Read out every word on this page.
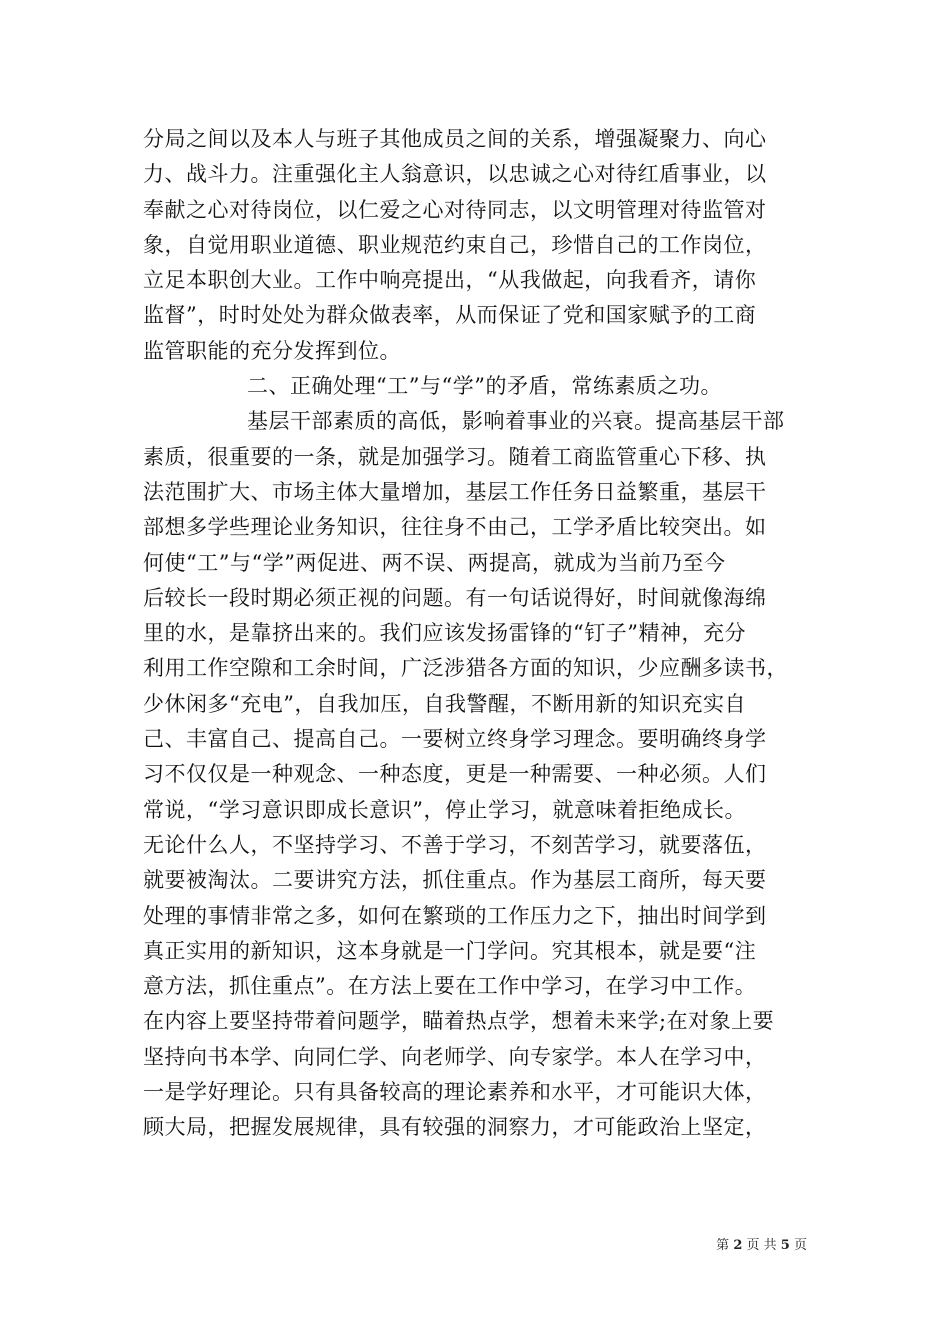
分局之间以及本人与班子其他成员之间的关系，增强凝聚力、向心
力、战斗力。注重强化主人翁意识，以忠诚之心对待红盾事业，以
奉献之心对待岗位，以仁爱之心对待同志，以文明管理对待监管对
象，自觉用职业道德、职业规范约束自己，珍惜自己的工作岗位，
立足本职创大业。工作中响亮提出，“从我做起，向我看齐，请你
监督”，时时处处为群众做表率，从而保证了党和国家赋予的工商
监管职能的充分发挥到位。
二、正确处理“工”与“学”的矛盾，常练素质之功。
基层干部素质的高低，影响着事业的兴衰。提高基层干部
素质，很重要的一条，就是加强学习。随着工商监管重心下移、执
法范围扩大、市场主体大量增加，基层工作任务日益繁重，基层干
部想多学些理论业务知识，往往身不由己，工学矛盾比较突出。如
何使“工”与“学”两促进、两不误、两提高，就成为当前乃至今
后较长一段时期必须正视的问题。有一句话说得好，时间就像海绵
里的水，是靠挤出来的。我们应该发扬雷锋的“钉子”精神，充分
利用工作空隙和工余时间，广泛涉猎各方面的知识，少应酬多读书，
少休闲多“充电”，自我加压，自我警醒，不断用新的知识充实自
己、丰富自己、提高自己。一要树立终身学习理念。要明确终身学
习不仅仅是一种观念、一种态度，更是一种需要、一种必须。人们
常说，“学习意识即成长意识”，停止学习，就意味着拒绝成长。
无论什么人，不坚持学习、不善于学习，不刻苦学习，就要落伍，
就要被淘汰。二要讲究方法，抓住重点。作为基层工商所，每天要
处理的事情非常之多，如何在繁琐的工作压力之下，抽出时间学到
真正实用的新知识，这本身就是一门学问。究其根本，就是要“注
意方法，抓住重点”。在方法上要在工作中学习，在学习中工作。
在内容上要坚持带着问题学，瞄着热点学，想着未来学;在对象上要
坚持向书本学、向同仁学、向老师学、向专家学。本人在学习中，
一是学好理论。只有具备较高的理论素养和水平，才可能识大体，
顾大局，把握发展规律，具有较强的洞察力，才可能政治上坚定，
第 2 页 共 5 页
